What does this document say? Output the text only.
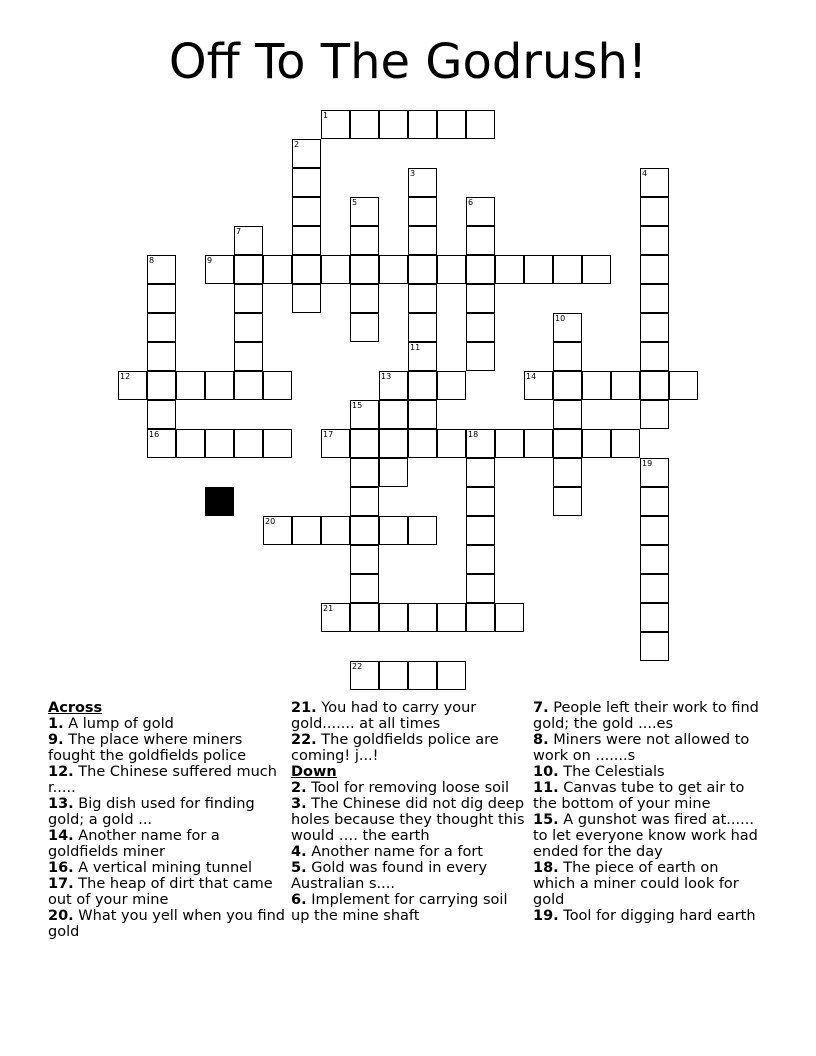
Off To The Godrush!
1
9
12	13	14
16	17	18
20
21
22
2
3	4
5	6
7
8
10
11
19
15
Across
1. A lump of gold
9. The place where miners fought the goldfields police
12. The Chinese suffered much r.....
13. Big dish used for finding gold; a gold ...
14. Another name for a goldfields miner
16. A vertical mining tunnel
17. The heap of dirt that came out of your mine
20. What you yell when you find gold
21. You had to carry your gold....... at all times
22. The goldfields police are coming! j...!
Down
2. Tool for removing loose soil
3. The Chinese did not dig deep holes because they thought this would …. the earth
4. Another name for a fort
5. Gold was found in every Australian s....
6. Implement for carrying soil up the mine shaft
7. People left their work to find gold; the gold ....es
8. Miners were not allowed to work on .......s
10. The Celestials
11. Canvas tube to get air to the bottom of your mine
15. A gunshot was fired at...... to let everyone know work had ended for the day
18. The piece of earth on which a miner could look for gold
19. Tool for digging hard earth
